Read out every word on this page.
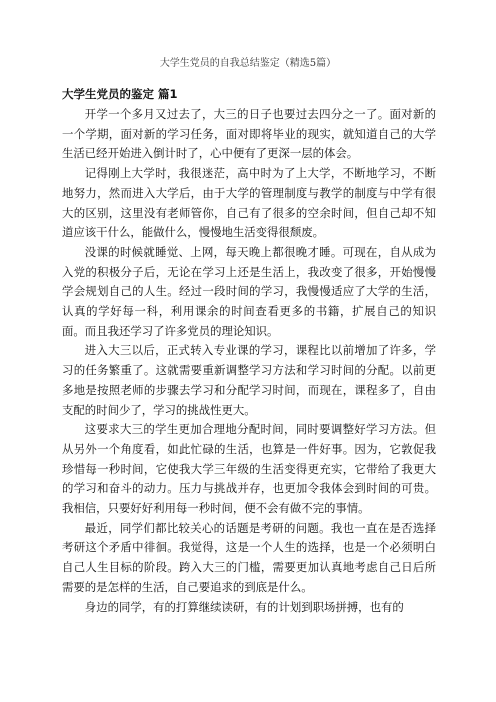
大学生党员的自我总结鉴定（精选5篇）
大学生党员的鉴定 篇1

开学一个多月又过去了，大三的日子也要过去四分之一了。面对新的一个学期，面对新的学习任务，面对即将毕业的现实，就知道自己的大学生活已经开始进入倒计时了，心中便有了更深一层的体会。

记得刚上大学时，我很迷茫，高中时为了上大学，不断地学习，不断地努力，然而进入大学后，由于大学的管理制度与教学的制度与中学有很大的区别，这里没有老师管你，自己有了很多的空余时间，但自己却不知道应该干什么，能做什么，慢慢地生活变得很颓废。

没课的时候就睡觉、上网，每天晚上都很晚才睡。可现在，自从成为入党的积极分子后，无论在学习上还是生活上，我改变了很多，开始慢慢学会规划自己的人生。经过一段时间的学习，我慢慢适应了大学的生活，认真的学好每一科，利用课余的时间查看更多的书籍，扩展自己的知识面。而且我还学习了许多党员的理论知识。

进入大三以后，正式转入专业课的学习，课程比以前增加了许多，学习的任务繁重了。这就需要重新调整学习方法和学习时间的分配。以前更多地是按照老师的步骤去学习和分配学习时间，而现在，课程多了，自由支配的时间少了，学习的挑战性更大。

这要求大三的学生更加合理地分配时间，同时要调整好学习方法。但从另外一个角度看，如此忙碌的生活，也算是一件好事。因为，它敦促我珍惜每一秒时间，它使我大学三年级的生活变得更充实，它带给了我更大的学习和奋斗的动力。压力与挑战并存，也更加令我体会到时间的可贵。我相信，只要好好利用每一秒时间，便不会有做不完的事情。

最近，同学们都比较关心的话题是考研的问题。我也一直在是否选择考研这个矛盾中徘徊。我觉得，这是一个人生的选择，也是一个必须明白自己人生目标的阶段。跨入大三的门槛，需要更加认真地考虑自己日后所需要的是怎样的生活，自己要追求的到底是什么。

身边的同学，有的打算继续读研，有的计划到职场拼搏，也有的
